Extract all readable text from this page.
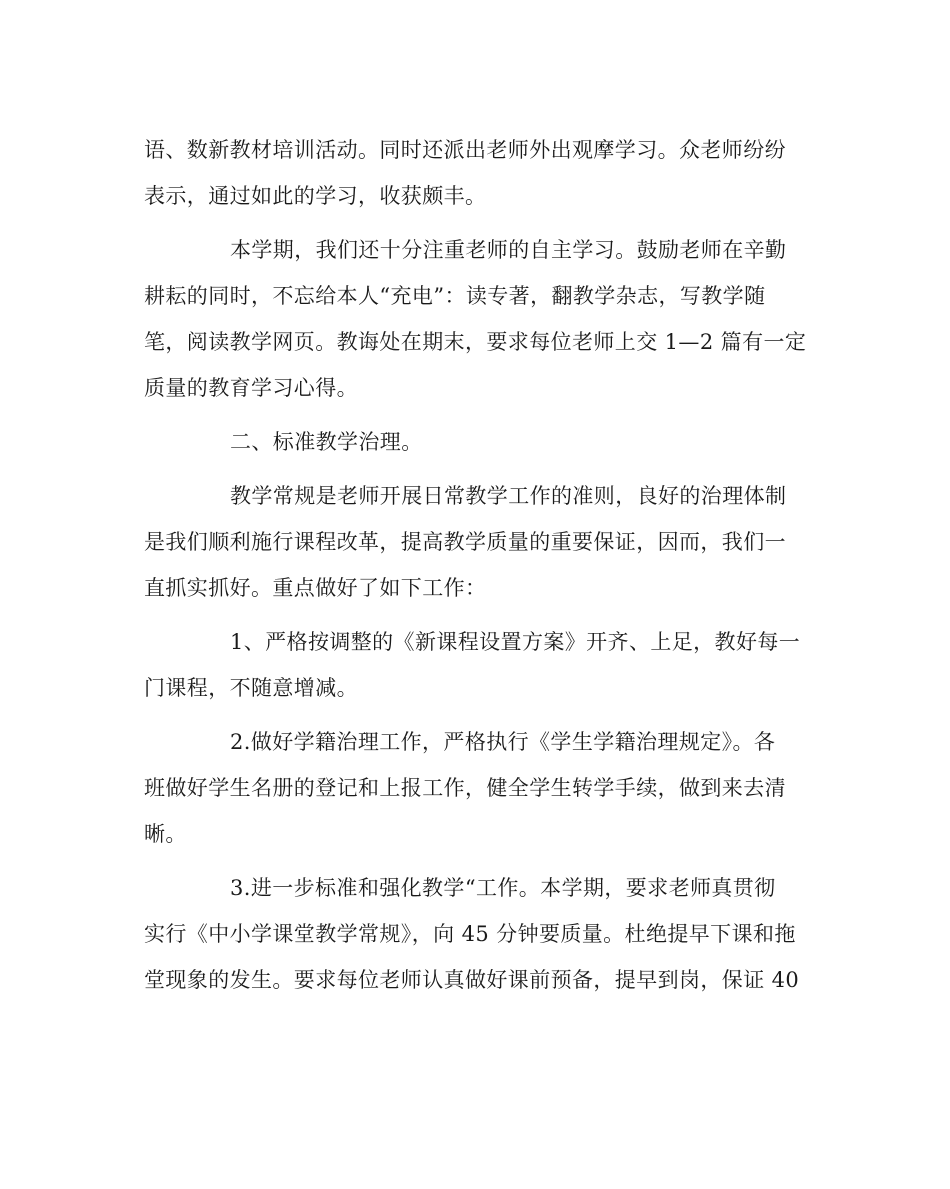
语、数新教材培训活动。同时还派出老师外出观摩学习。众老师纷纷
表示，通过如此的学习，收获颇丰。
本学期，我们还十分注重老师的自主学习。鼓励老师在辛勤
耕耘的同时，不忘给本人“充电”：读专著，翻教学杂志，写教学随
笔，阅读教学网页。教诲处在期末，要求每位老师上交 1—2 篇有一定
质量的教育学习心得。
二、标准教学治理。
教学常规是老师开展日常教学工作的准则，良好的治理体制
是我们顺利施行课程改革，提高教学质量的重要保证，因而，我们一
直抓实抓好。重点做好了如下工作：
1、严格按调整的《新课程设置方案》开齐、上足，教好每一
门课程，不随意增减。
2.做好学籍治理工作，严格执行《学生学籍治理规定》。各
班做好学生名册的登记和上报工作，健全学生转学手续，做到来去清
晰。
3.进一步标准和强化教学“工作。本学期，要求老师真贯彻
实行《中小学课堂教学常规》，向 45 分钟要质量。杜绝提早下课和拖
堂现象的发生。要求每位老师认真做好课前预备，提早到岗，保证 40
